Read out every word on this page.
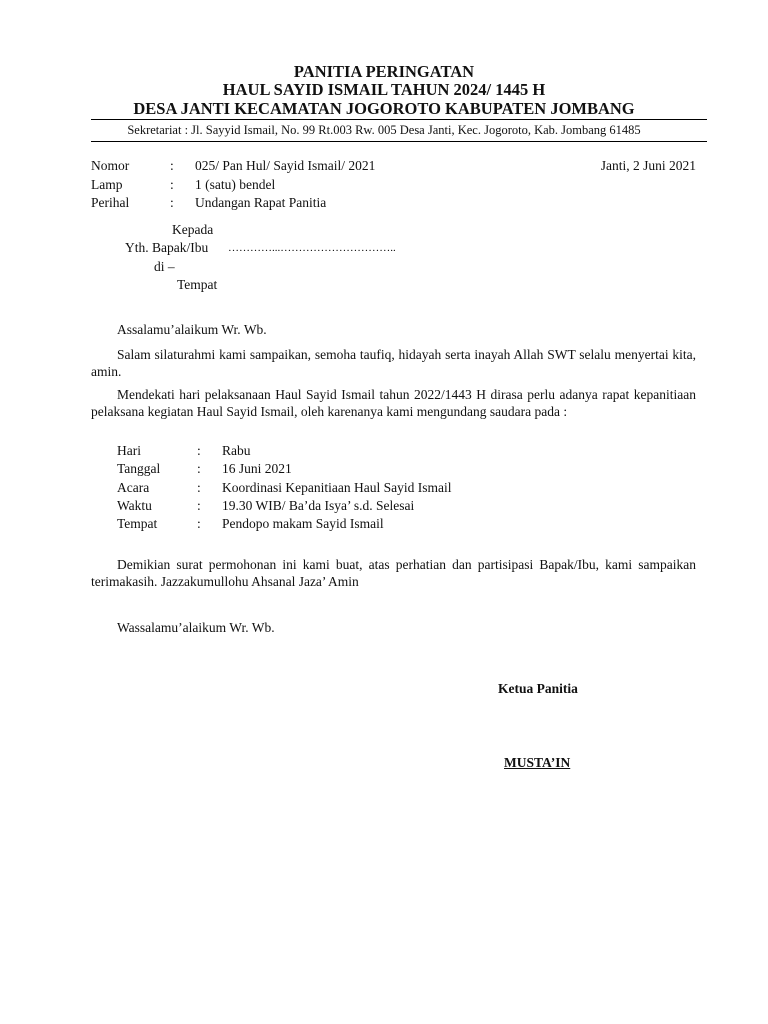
PANITIA PERINGATAN
HAUL SAYID ISMAIL TAHUN 2024/ 1445 H
DESA JANTI KECAMATAN JOGOROTO KABUPATEN JOMBANG
Sekretariat : Jl. Sayyid Ismail, No. 99 Rt.003 Rw. 005 Desa Janti, Kec. Jogoroto, Kab. Jombang 61485
Janti, 2 Juni 2021
Nomor	: 025/ Pan Hul/ Sayid Ismail/ 2021
Lamp	: 1 (satu) bendel
Perihal	: Undangan Rapat Panitia
Kepada
Yth. Bapak/Ibu …………...…………………………..
di –
Tempat
Assalamu’alaikum Wr. Wb.
Salam silaturahmi kami sampaikan, semoha taufiq, hidayah serta inayah Allah SWT selalu menyertai kita, amin.
Mendekati hari pelaksanaan Haul Sayid Ismail tahun 2022/1443 H dirasa perlu adanya rapat kepanitiaan pelaksana kegiatan Haul Sayid Ismail, oleh karenanya kami mengundang saudara pada :
Hari	: Rabu
Tanggal	: 16 Juni 2021
Acara	: Koordinasi Kepanitiaan Haul Sayid Ismail
Waktu	: 19.30 WIB/ Ba’da Isya’ s.d. Selesai
Tempat	: Pendopo makam Sayid Ismail
Demikian surat permohonan ini kami buat, atas perhatian dan partisipasi Bapak/Ibu, kami sampaikan terimakasih. Jazzakumullohu Ahsanal Jaza’ Amin
Wassalamu’alaikum Wr. Wb.
Ketua Panitia
MUSTA’IN
